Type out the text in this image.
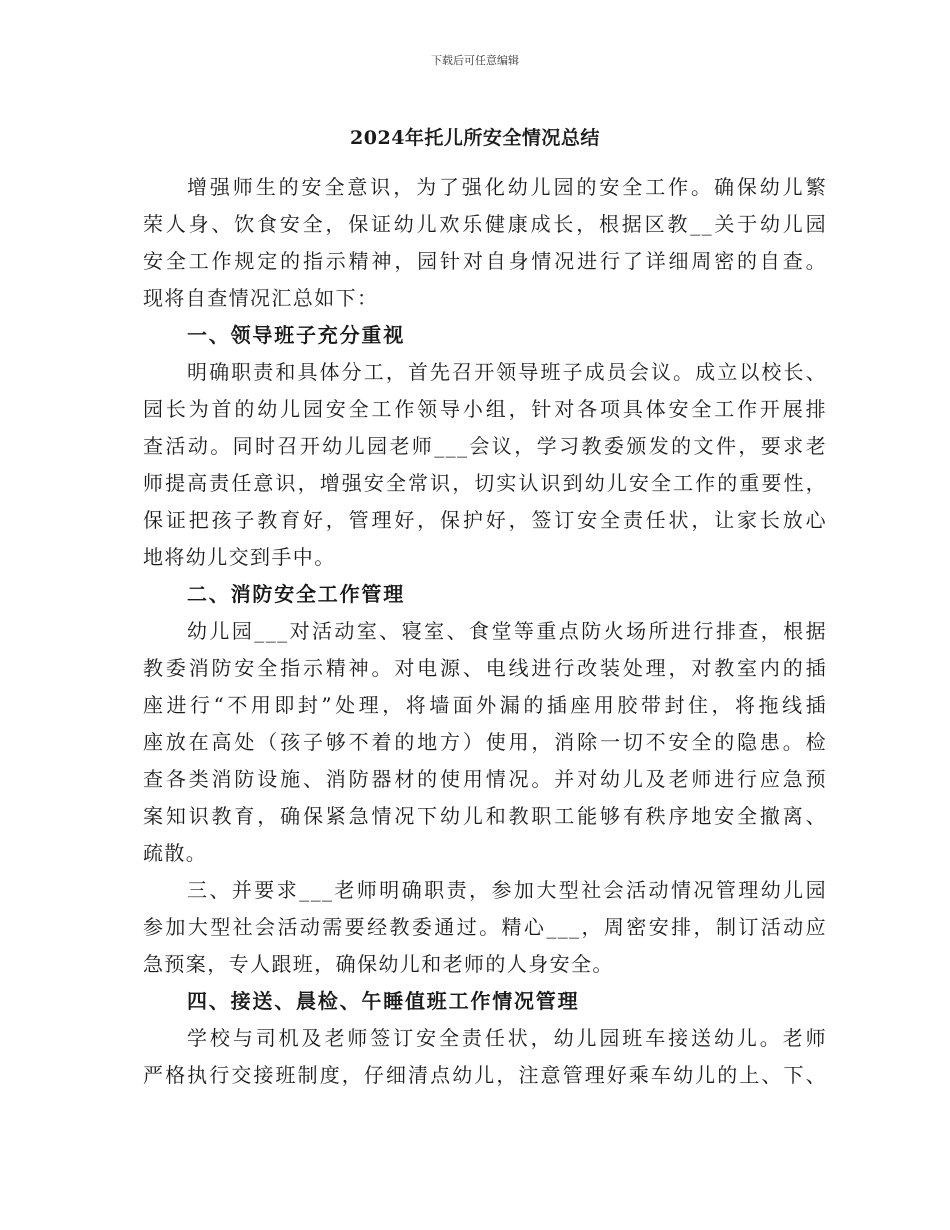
下载后可任意编辑
2024年托儿所安全情况总结
增强师生的安全意识，为了强化幼儿园的安全工作。确保幼儿繁
荣人身、饮食安全，保证幼儿欢乐健康成长，根据区教__关于幼儿园
安全工作规定的指示精神，园针对自身情况进行了详细周密的自查。
现将自查情况汇总如下：
一、领导班子充分重视
明确职责和具体分工，首先召开领导班子成员会议。成立以校长、
园长为首的幼儿园安全工作领导小组，针对各项具体安全工作开展排
查活动。同时召开幼儿园老师___会议，学习教委颁发的文件，要求老
师提高责任意识，增强安全常识，切实认识到幼儿安全工作的重要性，
保证把孩子教育好，管理好，保护好，签订安全责任状，让家长放心
地将幼儿交到手中。
二、消防安全工作管理
幼儿园___对活动室、寝室、食堂等重点防火场所进行排查，根据
教委消防安全指示精神。对电源、电线进行改装处理，对教室内的插
座进行“不用即封”处理，将墙面外漏的插座用胶带封住，将拖线插
座放在高处（孩子够不着的地方）使用，消除一切不安全的隐患。检
查各类消防设施、消防器材的使用情况。并对幼儿及老师进行应急预
案知识教育，确保紧急情况下幼儿和教职工能够有秩序地安全撤离、
疏散。
三、并要求___老师明确职责，参加大型社会活动情况管理幼儿园
参加大型社会活动需要经教委通过。精心___，周密安排，制订活动应
急预案，专人跟班，确保幼儿和老师的人身安全。
四、接送、晨检、午睡值班工作情况管理
学校与司机及老师签订安全责任状，幼儿园班车接送幼儿。老师
严格执行交接班制度，仔细清点幼儿，注意管理好乘车幼儿的上、下、
